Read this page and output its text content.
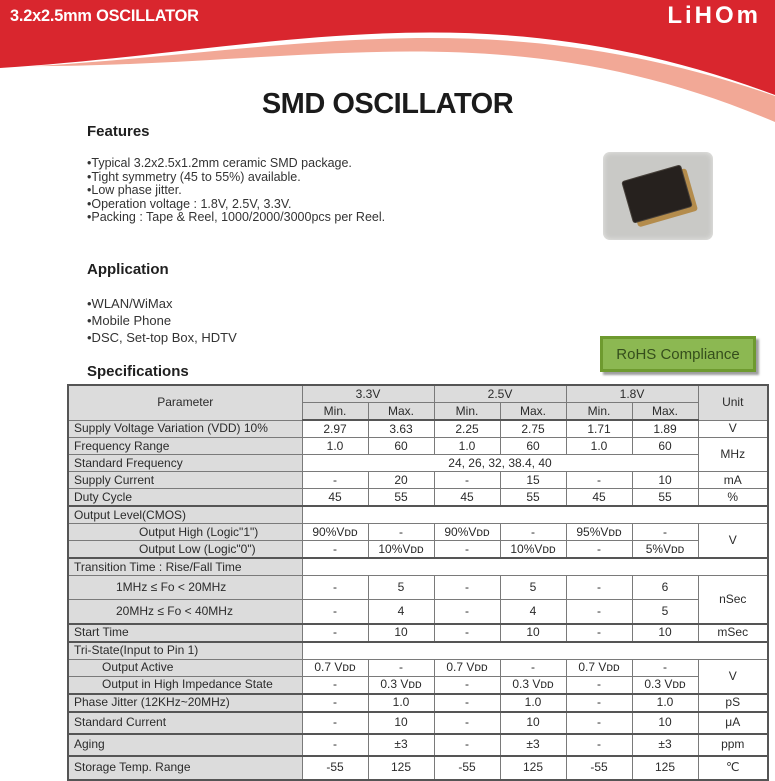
3.2x2.5mm OSCILLATOR	LiHOm
SMD OSCILLATOR
Features
•Typical 3.2x2.5x1.2mm ceramic SMD package.
•Tight symmetry (45 to 55%) available.
•Low phase jitter.
•Operation voltage : 1.8V, 2.5V, 3.3V.
•Packing : Tape & Reel, 1000/2000/3000pcs per Reel.
Application
•WLAN/WiMax
•Mobile Phone
•DSC, Set-top Box, HDTV
RoHS Compliance
Specifications
Parameter	3.3V		2.5V		1.8V		Unit
	Min.	Max.	Min.	Max.	Min.	Max.	
Supply Voltage Variation (VDD) 10%	2.97	3.63	2.25	2.75	1.71	1.89	V
Frequency Range	1.0	60	1.0	60	1.0	60	MHz
Standard Frequency	24, 26, 32, 38.4, 40						
Supply Current	-	20	-	15	-	10	mA
Duty Cycle	45	55	45	55	45	55	%
Output Level(CMOS)							
Output High (Logic"1")	90%Vᴅᴅ	-	90%Vᴅᴅ	-	95%Vᴅᴅ	-	V
Output Low (Logic"0")	-	10%Vᴅᴅ	-	10%Vᴅᴅ	-	5%Vᴅᴅ	
Transition Time : Rise/Fall Time							
1MHz ≤ Fo < 20MHz	-	5	-	5	-	6	nSec
20MHz ≤ Fo < 40MHz	-	4	-	4	-	5	
Start Time	-	10	-	10	-	10	mSec
Tri-State(Input to Pin 1)							
Output Active	0.7 Vᴅᴅ	-	0.7 Vᴅᴅ	-	0.7 Vᴅᴅ	-	V
Output in High Impedance State	-	0.3 Vᴅᴅ	-	0.3 Vᴅᴅ	-	0.3 Vᴅᴅ	
Phase Jitter (12KHz~20MHz)	-	1.0	-	1.0	-	1.0	pS
Standard Current	-	10	-	10	-	10	μA
Aging	-	±3	-	±3	-	±3	ppm
Storage Temp. Range	-55	125	-55	125	-55	125	℃
